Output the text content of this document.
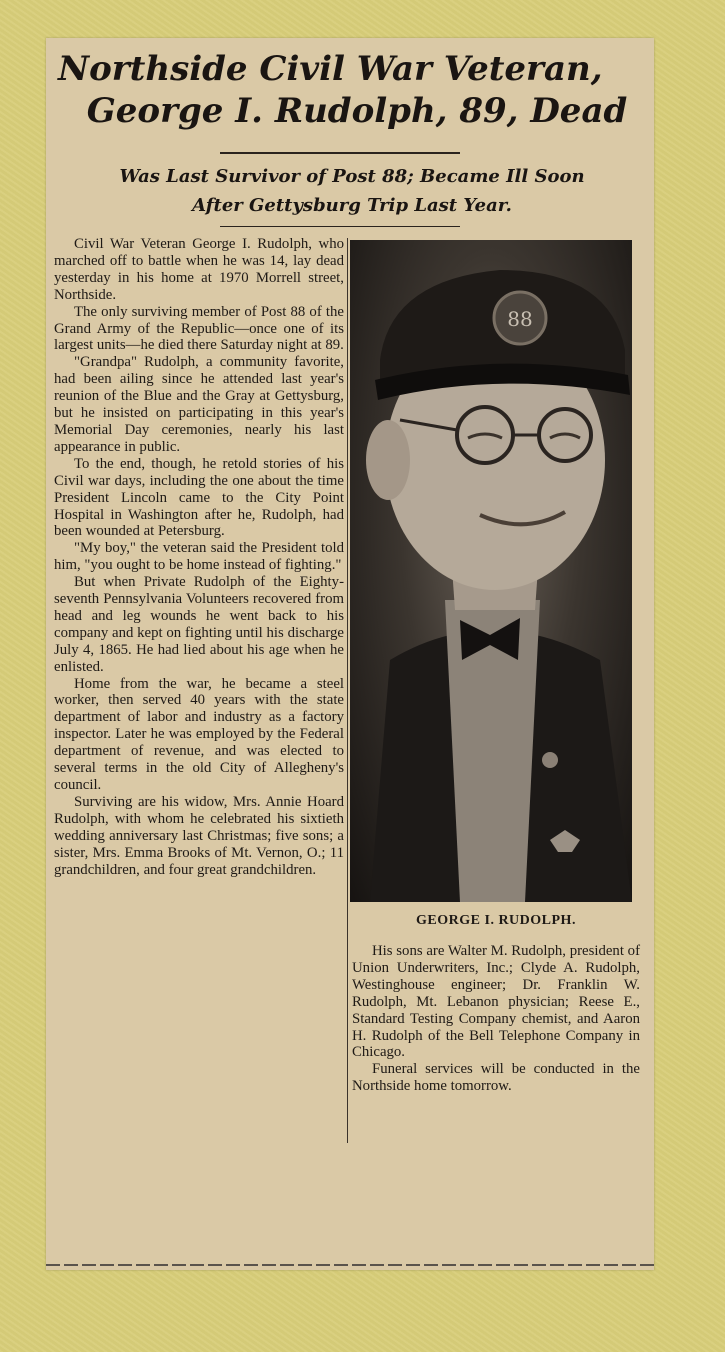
Northside Civil War Veteran,
George I. Rudolph, 89, Dead
Was Last Survivor of Post 88; Became Ill Soon
After Gettysburg Trip Last Year.

Civil War Veteran George I. Rudolph, who marched off to battle when he was 14, lay dead yesterday in his home at 1970 Morrell street, Northside.

The only surviving member of Post 88 of the Grand Army of the Republic—once one of its largest units—he died there Saturday night at 89.

"Grandpa" Rudolph, a community favorite, had been ailing since he attended last year's reunion of the Blue and the Gray at Gettysburg, but he insisted on participating in this year's Memorial Day ceremonies, nearly his last appearance in public.

To the end, though, he retold stories of his Civil war days, including the one about the time President Lincoln came to the City Point Hospital in Washington after he, Rudolph, had been wounded at Petersburg.

"My boy," the veteran said the President told him, "you ought to be home instead of fighting."

But when Private Rudolph of the Eighty-seventh Pennsylvania Volunteers recovered from head and leg wounds he went back to his company and kept on fighting until his discharge July 4, 1865. He had lied about his age when he enlisted.

Home from the war, he became a steel worker, then served 40 years with the state department of labor and industry as a factory inspector. Later he was employed by the Federal department of revenue, and was elected to several terms in the old City of Allegheny's council.

Surviving are his widow, Mrs. Annie Hoard Rudolph, with whom he celebrated his sixtieth wedding anniversary last Christmas; five sons; a sister, Mrs. Emma Brooks of Mt. Vernon, O.; 11 grandchildren, and four great grandchildren.

88
GEORGE I. RUDOLPH.

His sons are Walter M. Rudolph, president of Union Underwriters, Inc.; Clyde A. Rudolph, Westinghouse engineer; Dr. Franklin W. Rudolph, Mt. Lebanon physician; Reese E., Standard Testing Company chemist, and Aaron H. Rudolph of the Bell Telephone Company in Chicago.

Funeral services will be conducted in the Northside home tomorrow.
